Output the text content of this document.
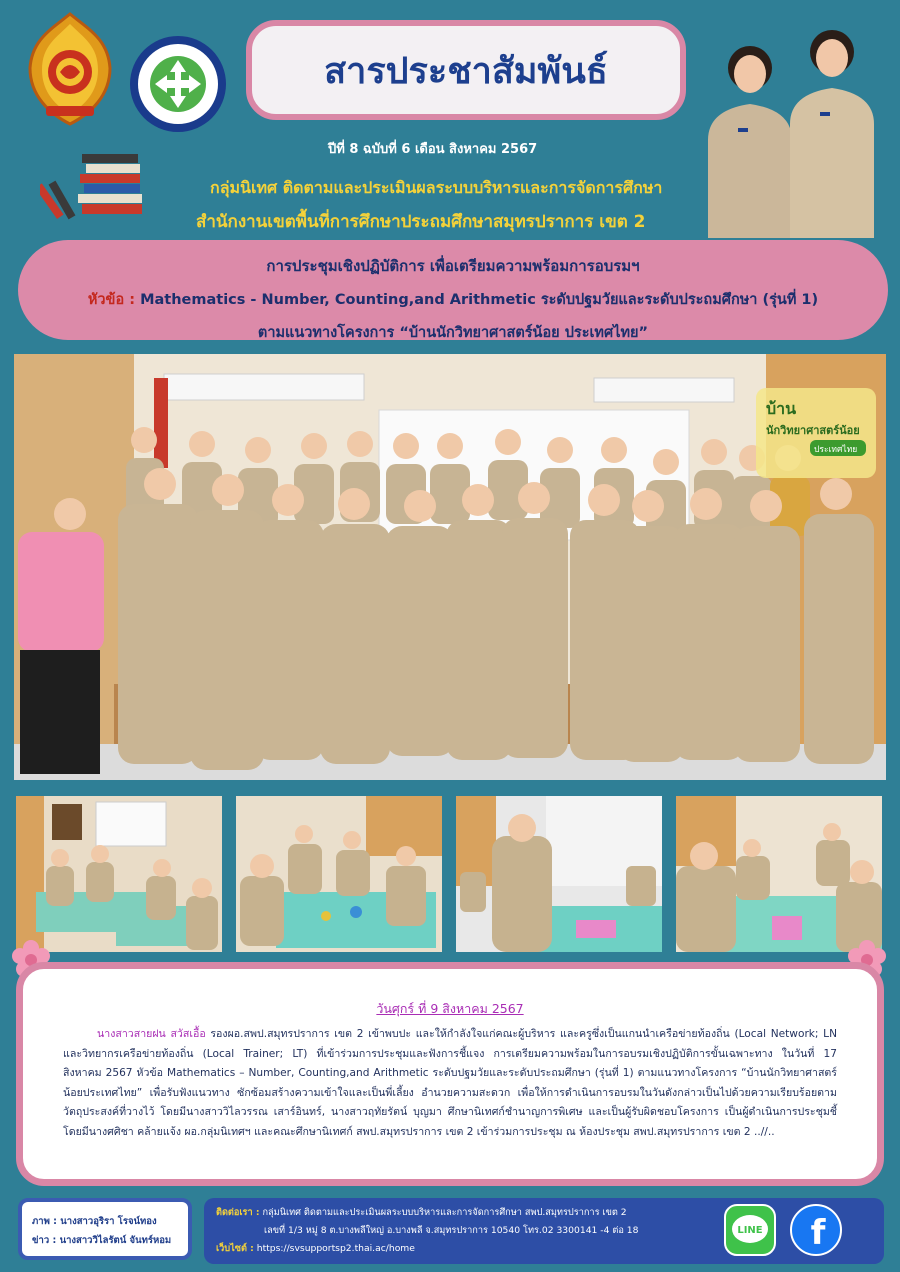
สารประชาสัมพันธ์
ปีที่ 8 ฉบับที่ 6 เดือน สิงหาคม 2567
กลุ่มนิเทศ ติดตามและประเมินผลระบบบริหารและการจัดการศึกษา
สำนักงานเขตพื้นที่การศึกษาประถมศึกษาสมุทรปราการ เขต 2
การประชุมเชิงปฏิบัติการ เพื่อเตรียมความพร้อมการอบรมฯ
หัวข้อ : Mathematics - Number, Counting,and Arithmetic ระดับปฐมวัยและระดับประถมศึกษา (รุ่นที่ 1)
ตามแนวทางโครงการ “บ้านนักวิทยาศาสตร์น้อย ประเทศไทย”
บ้าน
นักวิทยาศาสตร์น้อย
ประเทศไทย
วันศุกร์ ที่ 9 สิงหาคม 2567
นางสาวสายฝน สวัสเอื้อ รองผอ.สพป.สมุทรปราการ เขต 2 เข้าพบปะ และให้กำลังใจแก่คณะผู้บริหาร และครูซึ่งเป็นแกนนำเครือข่ายท้องถิ่น (Local Network; LN และวิทยากรเครือข่ายท้องถิ่น (Local Trainer; LT) ที่เข้าร่วมการประชุมและฟังการชี้แจง การเตรียมความพร้อมในการอบรมเชิงปฏิบัติการขั้นเฉพาะทาง ในวันที่ 17 สิงหาคม 2567 หัวข้อ Mathematics – Number, Counting,and Arithmetic ระดับปฐมวัยและระดับประถมศึกษา (รุ่นที่ 1) ตามแนวทางโครงการ “บ้านนักวิทยาศาสตร์น้อยประเทศไทย” เพื่อรับฟังแนวทาง ซักซ้อมสร้างความเข้าใจและเป็นพี่เลี้ยง อำนวยความสะดวก เพื่อให้การดำเนินการอบรมในวันดังกล่าวเป็นไปด้วยความเรียบร้อยตามวัตถุประสงค์ที่วางไว้ โดยมีนางสาววิไลวรรณ เสาร์อินทร์, นางสาวฤทัยรัตน์ บุญมา ศึกษานิเทศก์ชำนาญการพิเศษ และเป็นผู้รับผิดชอบโครงการ เป็นผู้ดำเนินการประชุมชี้โดยมีนางศศิชา คล้ายแจ้ง ผอ.กลุ่มนิเทศฯ และคณะศึกษานิเทศก์ สพป.สมุทรปราการ เขต 2 เข้าร่วมการประชุม ณ ห้องประชุม สพป.สมุทรปราการ เขต 2 ..//..
ภาพ : นางสาวอุริรา โรจน์ทอง
ข่าว : นางสาววิไลรัตน์ จันทร์หอม
ติดต่อเรา : กลุ่มนิเทศ ติดตามและประเมินผลระบบบริหารและการจัดการศึกษา สพป.สมุทรปราการ เขต 2
เลขที่ 1/3 หมู่ 8 ต.บางพลีใหญ่ อ.บางพลี จ.สมุทรปราการ 10540 โทร.02 3300141 -4 ต่อ 18
เว็บไซต์ : https://svsupportsp2.thai.ac/home
LINE f
